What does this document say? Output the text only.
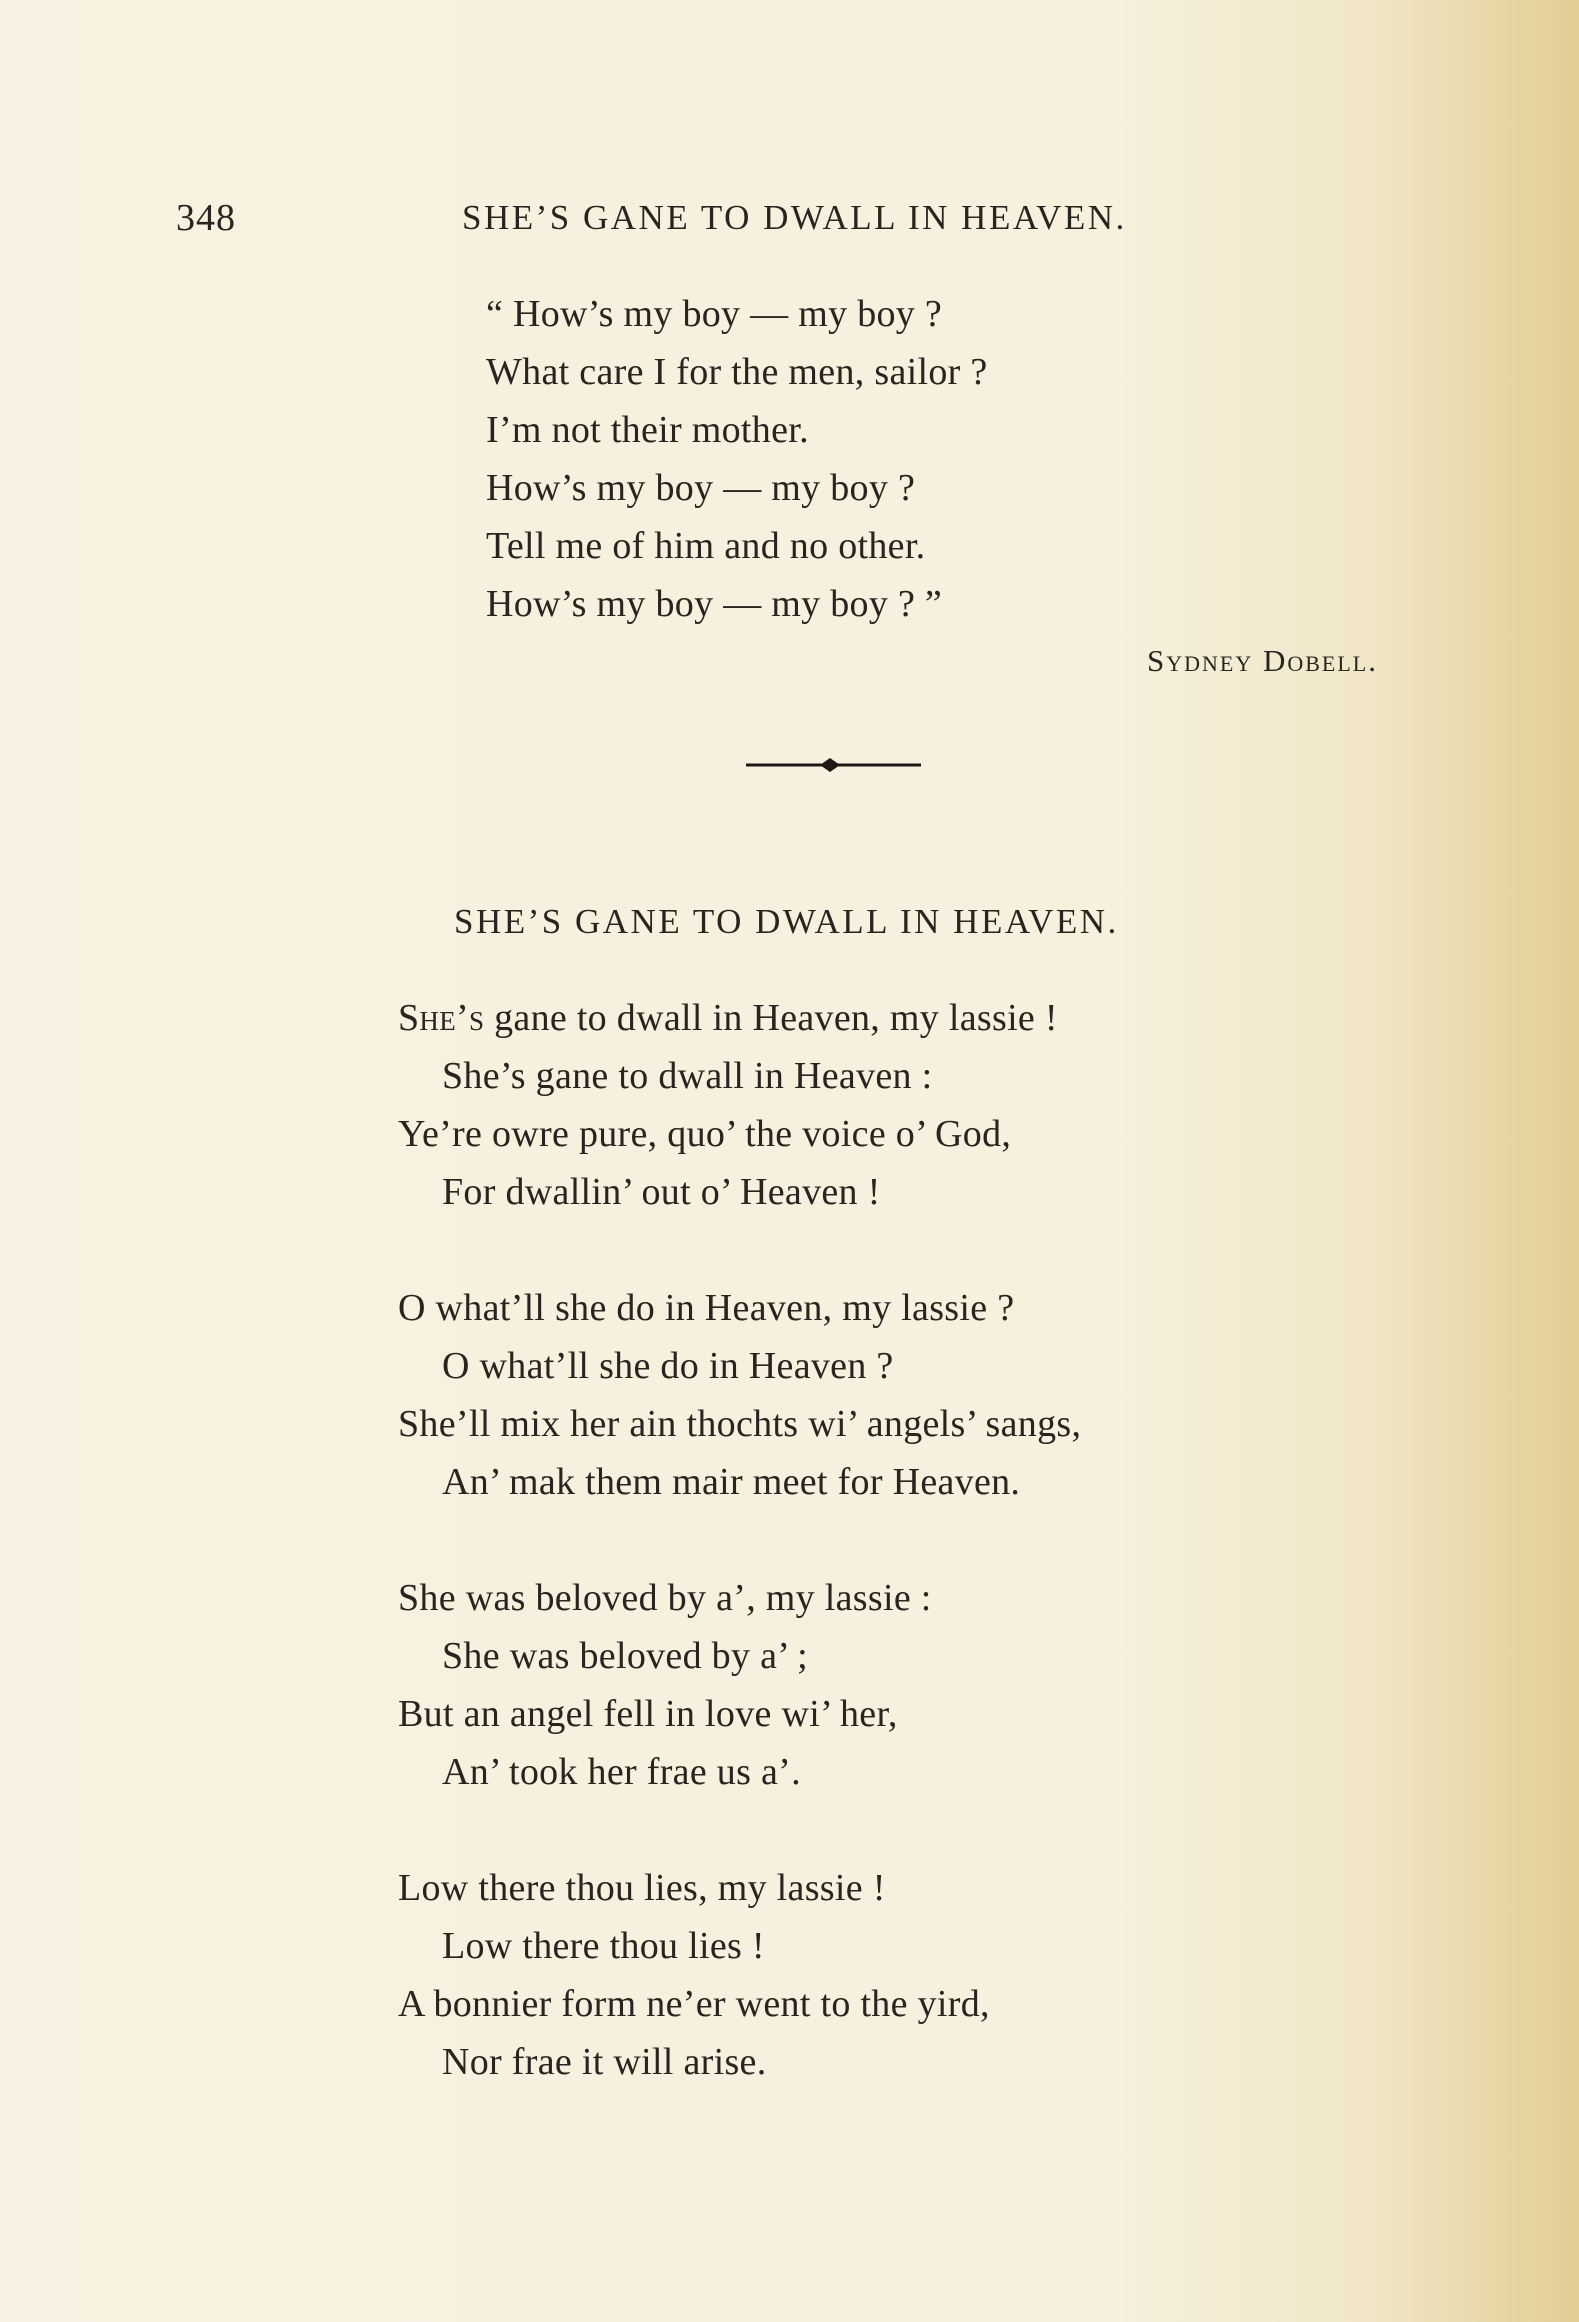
348	SHE’S GANE TO DWALL IN HEAVEN.
“ How’s my boy — my boy ?
What care I for the men, sailor ?
I’m not their mother.
How’s my boy — my boy ?
Tell me of him and no other.
How’s my boy — my boy ? ”
Sydney Dobell.
SHE’S GANE TO DWALL IN HEAVEN.
She’s gane to dwall in Heaven, my lassie !
She’s gane to dwall in Heaven :
Ye’re owre pure, quo’ the voice o’ God,
For dwallin’ out o’ Heaven !
O what’ll she do in Heaven, my lassie ?
O what’ll she do in Heaven ?
She’ll mix her ain thochts wi’ angels’ sangs,
An’ mak them mair meet for Heaven.
She was beloved by a’, my lassie :
She was beloved by a’ ;
But an angel fell in love wi’ her,
An’ took her frae us a’.
Low there thou lies, my lassie !
Low there thou lies !
A bonnier form ne’er went to the yird,
Nor frae it will arise.
